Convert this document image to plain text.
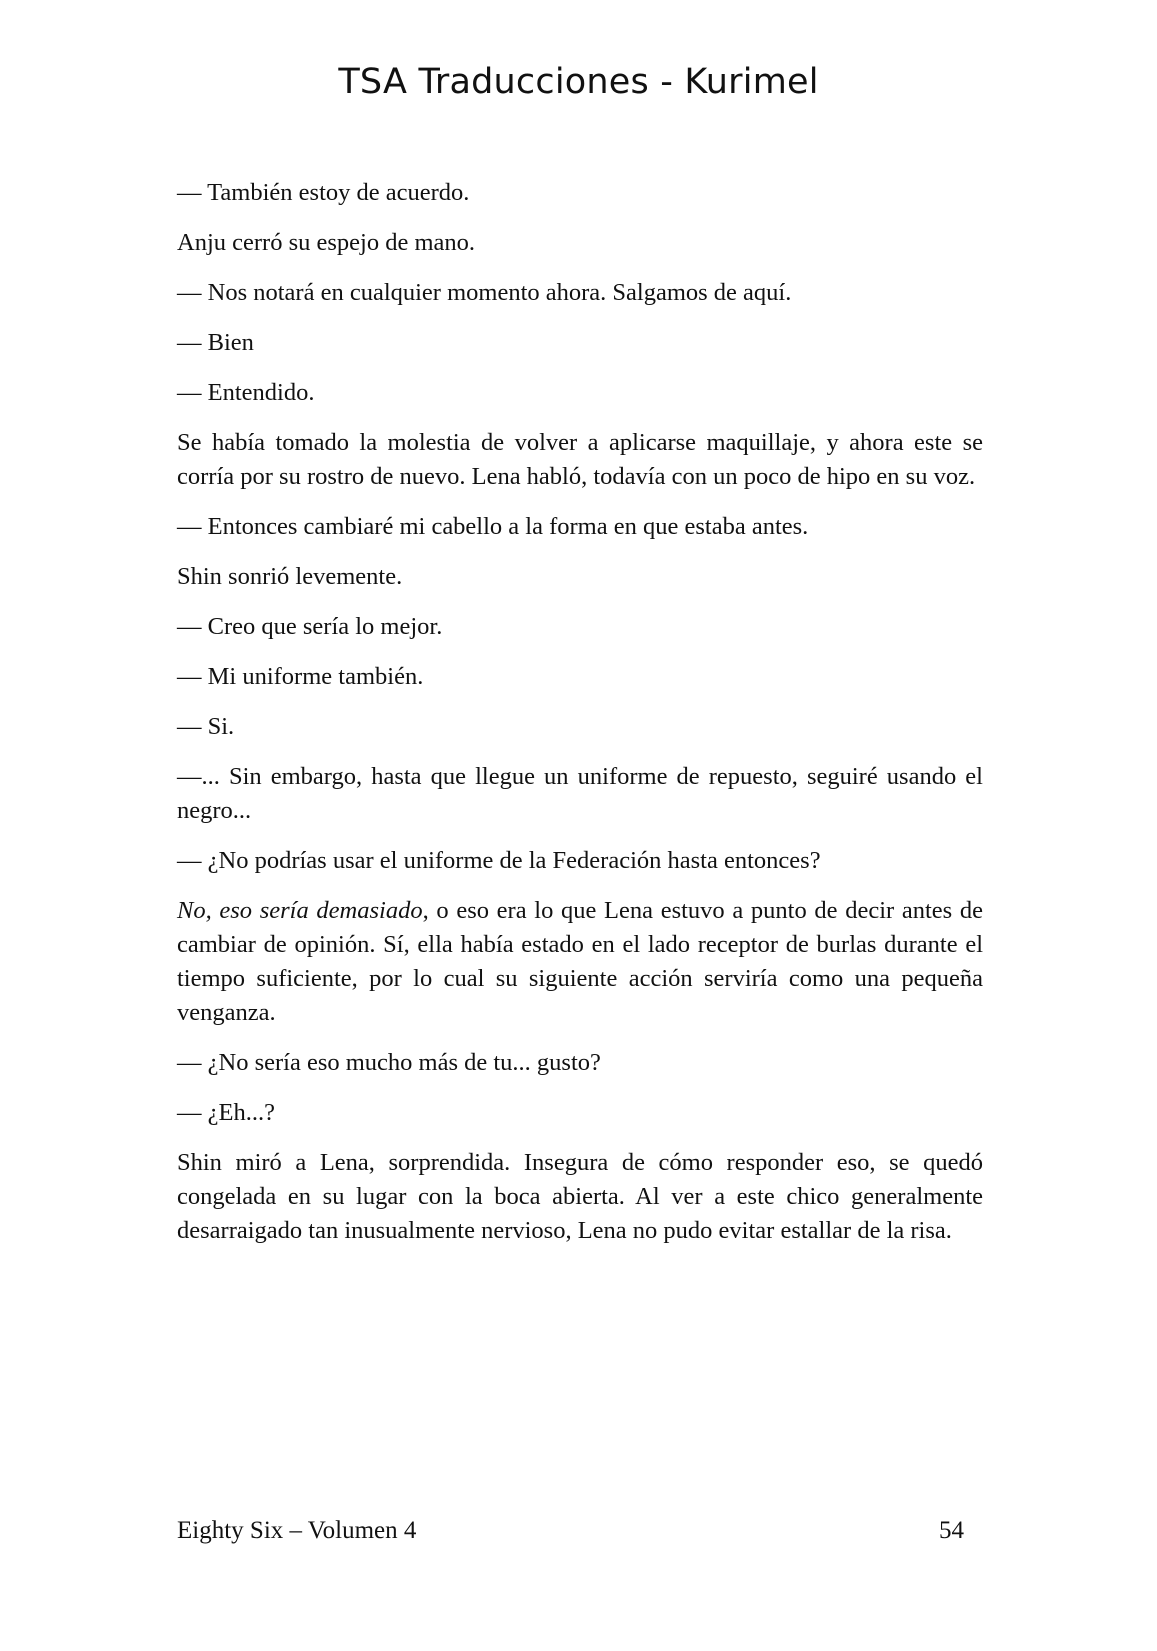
TSA Traducciones - Kurimel

— También estoy de acuerdo.

Anju cerró su espejo de mano.

— Nos notará en cualquier momento ahora. Salgamos de aquí.

— Bien

— Entendido.

Se había tomado la molestia de volver a aplicarse maquillaje, y ahora este se corría por su rostro de nuevo. Lena habló, todavía con un poco de hipo en su voz.

— Entonces cambiaré mi cabello a la forma en que estaba antes.

Shin sonrió levemente.

— Creo que sería lo mejor.

— Mi uniforme también.

— Si.

—... Sin embargo, hasta que llegue un uniforme de repuesto, seguiré usando el negro...

— ¿No podrías usar el uniforme de la Federación hasta entonces?

No, eso sería demasiado, o eso era lo que Lena estuvo a punto de decir antes de cambiar de opinión. Sí, ella había estado en el lado receptor de burlas durante el tiempo suficiente, por lo cual su siguiente acción serviría como una pequeña venganza.

— ¿No sería eso mucho más de tu... gusto?

— ¿Eh...?

Shin miró a Lena, sorprendida. Insegura de cómo responder eso, se quedó congelada en su lugar con la boca abierta. Al ver a este chico generalmente desarraigado tan inusualmente nervioso, Lena no pudo evitar estallar de la risa.

Eighty Six – Volumen 4	54
